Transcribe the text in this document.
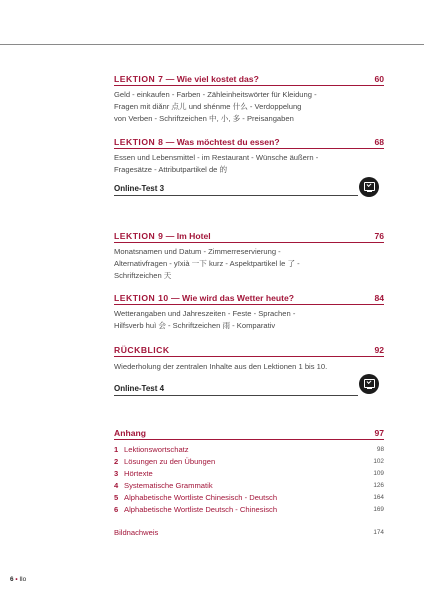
LEKTION 7 — Wie viel kostet das?	60
Geld - einkaufen - Farben - Zähleinheitswörter für Kleidung -
Fragen mit diǎnr 点儿 und shénme 什么 - Verdoppelung
von Verben - Schriftzeichen 中, 小, 多 - Preisangaben
LEKTION 8 — Was möchtest du essen?	68
Essen und Lebensmittel - im Restaurant - Wünsche äußern -
Fragesätze - Attributpartikel de 的
Online-Test 3
LEKTION 9 — Im Hotel	76
Monatsnamen und Datum - Zimmerreservierung -
Alternativfragen - yīxià 一下 kurz - Aspektpartikel le 了 -
Schriftzeichen 天
LEKTION 10 — Wie wird das Wetter heute?	84
Wetterangaben und Jahreszeiten - Feste - Sprachen -
Hilfsverb huì 会 - Schriftzeichen 雨 - Komparativ
RÜCKBLICK	92
Wiederholung der zentralen Inhalte aus den Lektionen 1 bis 10.
Online-Test 4
Anhang	97
1 Lektionswortschatz	98
2 Lösungen zu den Übungen	102
3 Hörtexte	109
4 Systematische Grammatik	126
5 Alphabetische Wortliste Chinesisch - Deutsch	164
6 Alphabetische Wortliste Deutsch - Chinesisch	169
Bildnachweis	174
6 • Ilo
